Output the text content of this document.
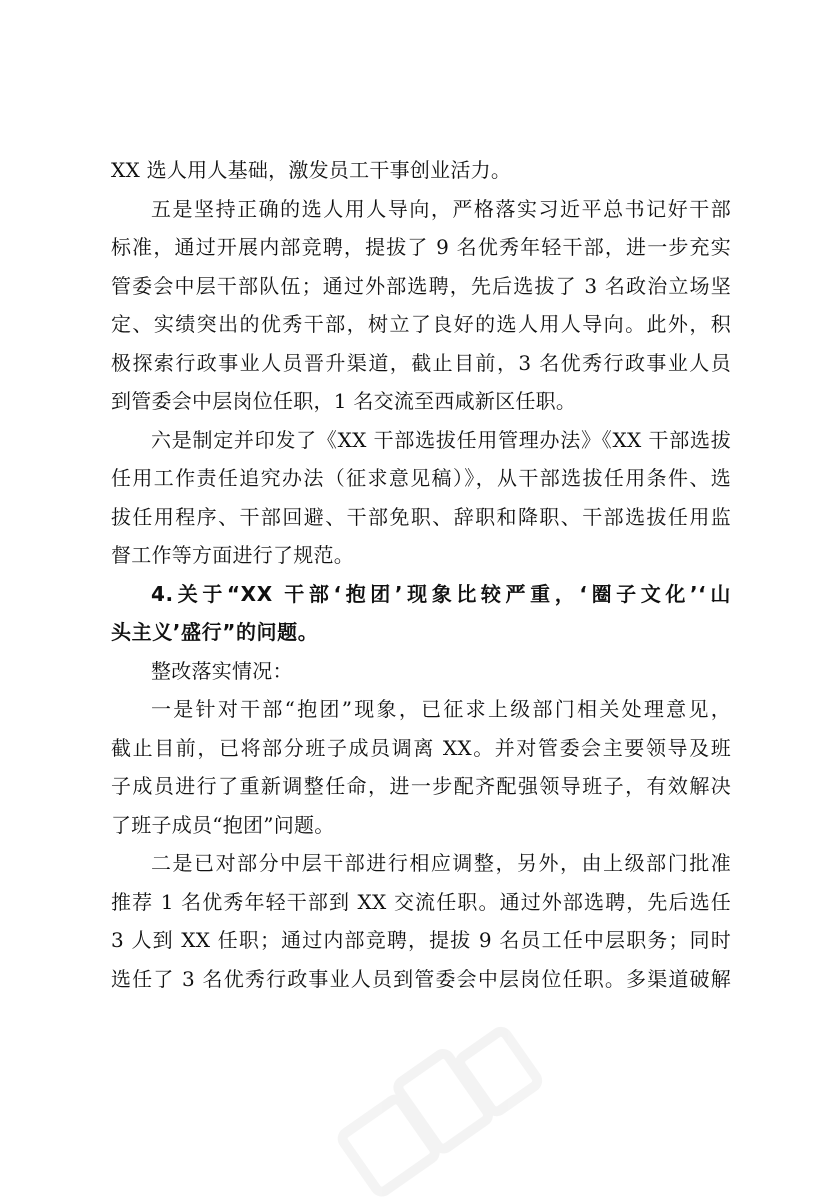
XX 选人用人基础，激发员工干事创业活力。
五是坚持正确的选人用人导向，严格落实习近平总书记好干部
标准，通过开展内部竞聘，提拔了 9 名优秀年轻干部，进一步充实
管委会中层干部队伍；通过外部选聘，先后选拔了 3 名政治立场坚
定、实绩突出的优秀干部，树立了良好的选人用人导向。此外，积
极探索行政事业人员晋升渠道，截止目前，3 名优秀行政事业人员
到管委会中层岗位任职，1 名交流至西咸新区任职。
六是制定并印发了《XX 干部选拔任用管理办法》《XX 干部选拔
任用工作责任追究办法（征求意见稿）》，从干部选拔任用条件、选
拔任用程序、干部回避、干部免职、辞职和降职、干部选拔任用监
督工作等方面进行了规范。
4.关于“XX 干部‘抱团’现象比较严重，‘圈子文化’‘山
头主义’盛行”的问题。
整改落实情况：
一是针对干部“抱团”现象，已征求上级部门相关处理意见，
截止目前，已将部分班子成员调离 XX。并对管委会主要领导及班
子成员进行了重新调整任命，进一步配齐配强领导班子，有效解决
了班子成员“抱团”问题。
二是已对部分中层干部进行相应调整，另外，由上级部门批准
推荐 1 名优秀年轻干部到 XX 交流任职。通过外部选聘，先后选任
3 人到 XX 任职；通过内部竞聘，提拔 9 名员工任中层职务；同时
选任了 3 名优秀行政事业人员到管委会中层岗位任职。多渠道破解
